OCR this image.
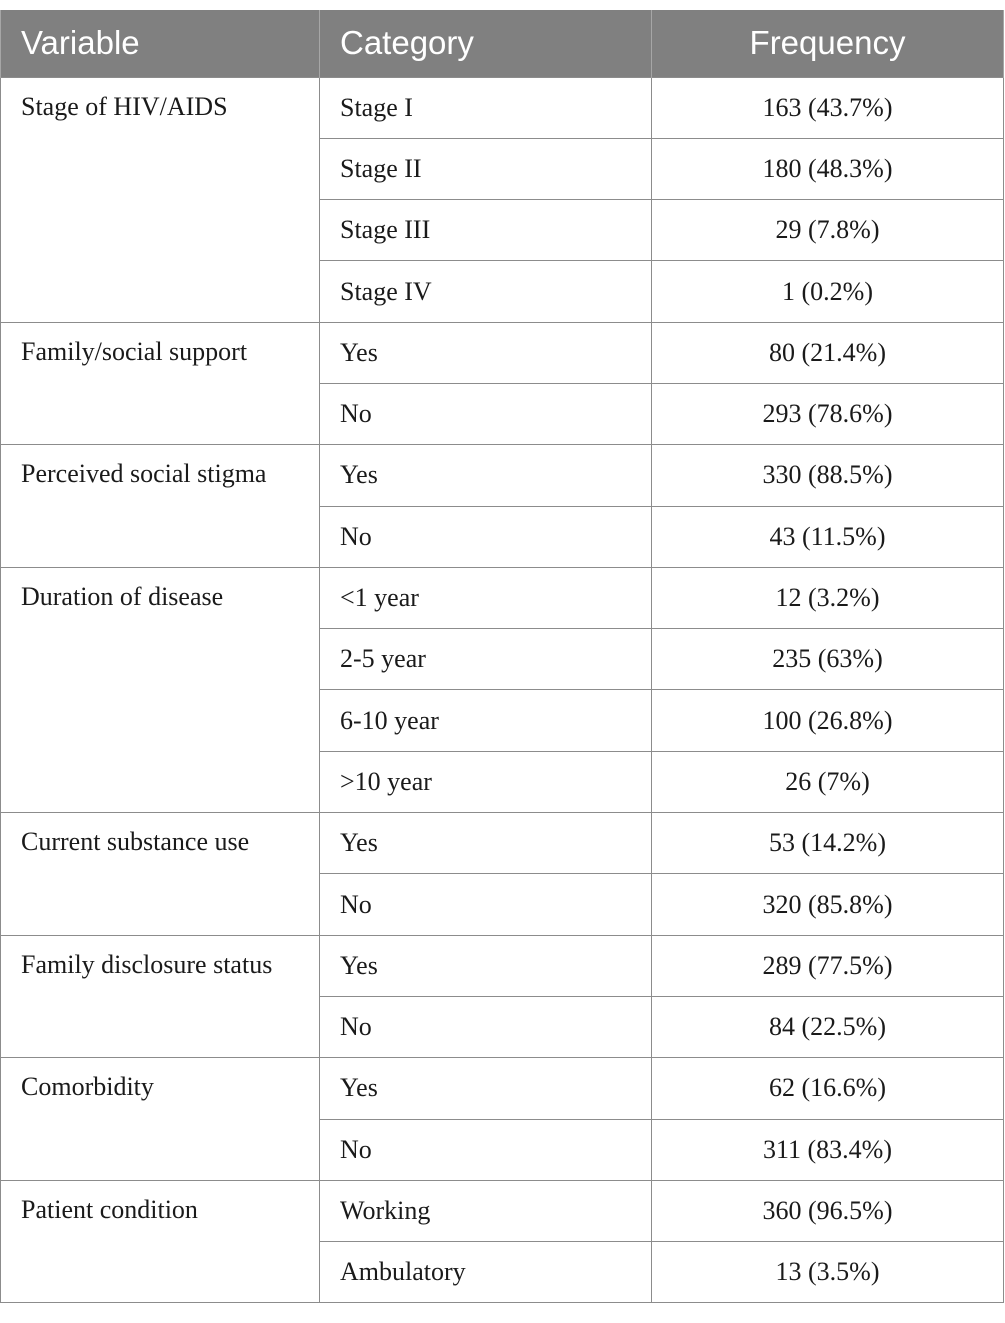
Variable	Category	Frequency
Stage of HIV/AIDS	Stage I	163 (43.7%)
	Stage II	180 (48.3%)
	Stage III	29 (7.8%)
	Stage IV	1 (0.2%)
Family/social support	Yes	80 (21.4%)
	No	293 (78.6%)
Perceived social stigma	Yes	330 (88.5%)
	No	43 (11.5%)
Duration of disease	<1 year	12 (3.2%)
	2-5 year	235 (63%)
	6-10 year	100 (26.8%)
	>10 year	26 (7%)
Current substance use	Yes	53 (14.2%)
	No	320 (85.8%)
Family disclosure status	Yes	289 (77.5%)
	No	84 (22.5%)
Comorbidity	Yes	62 (16.6%)
	No	311 (83.4%)
Patient condition	Working	360 (96.5%)
	Ambulatory	13 (3.5%)
